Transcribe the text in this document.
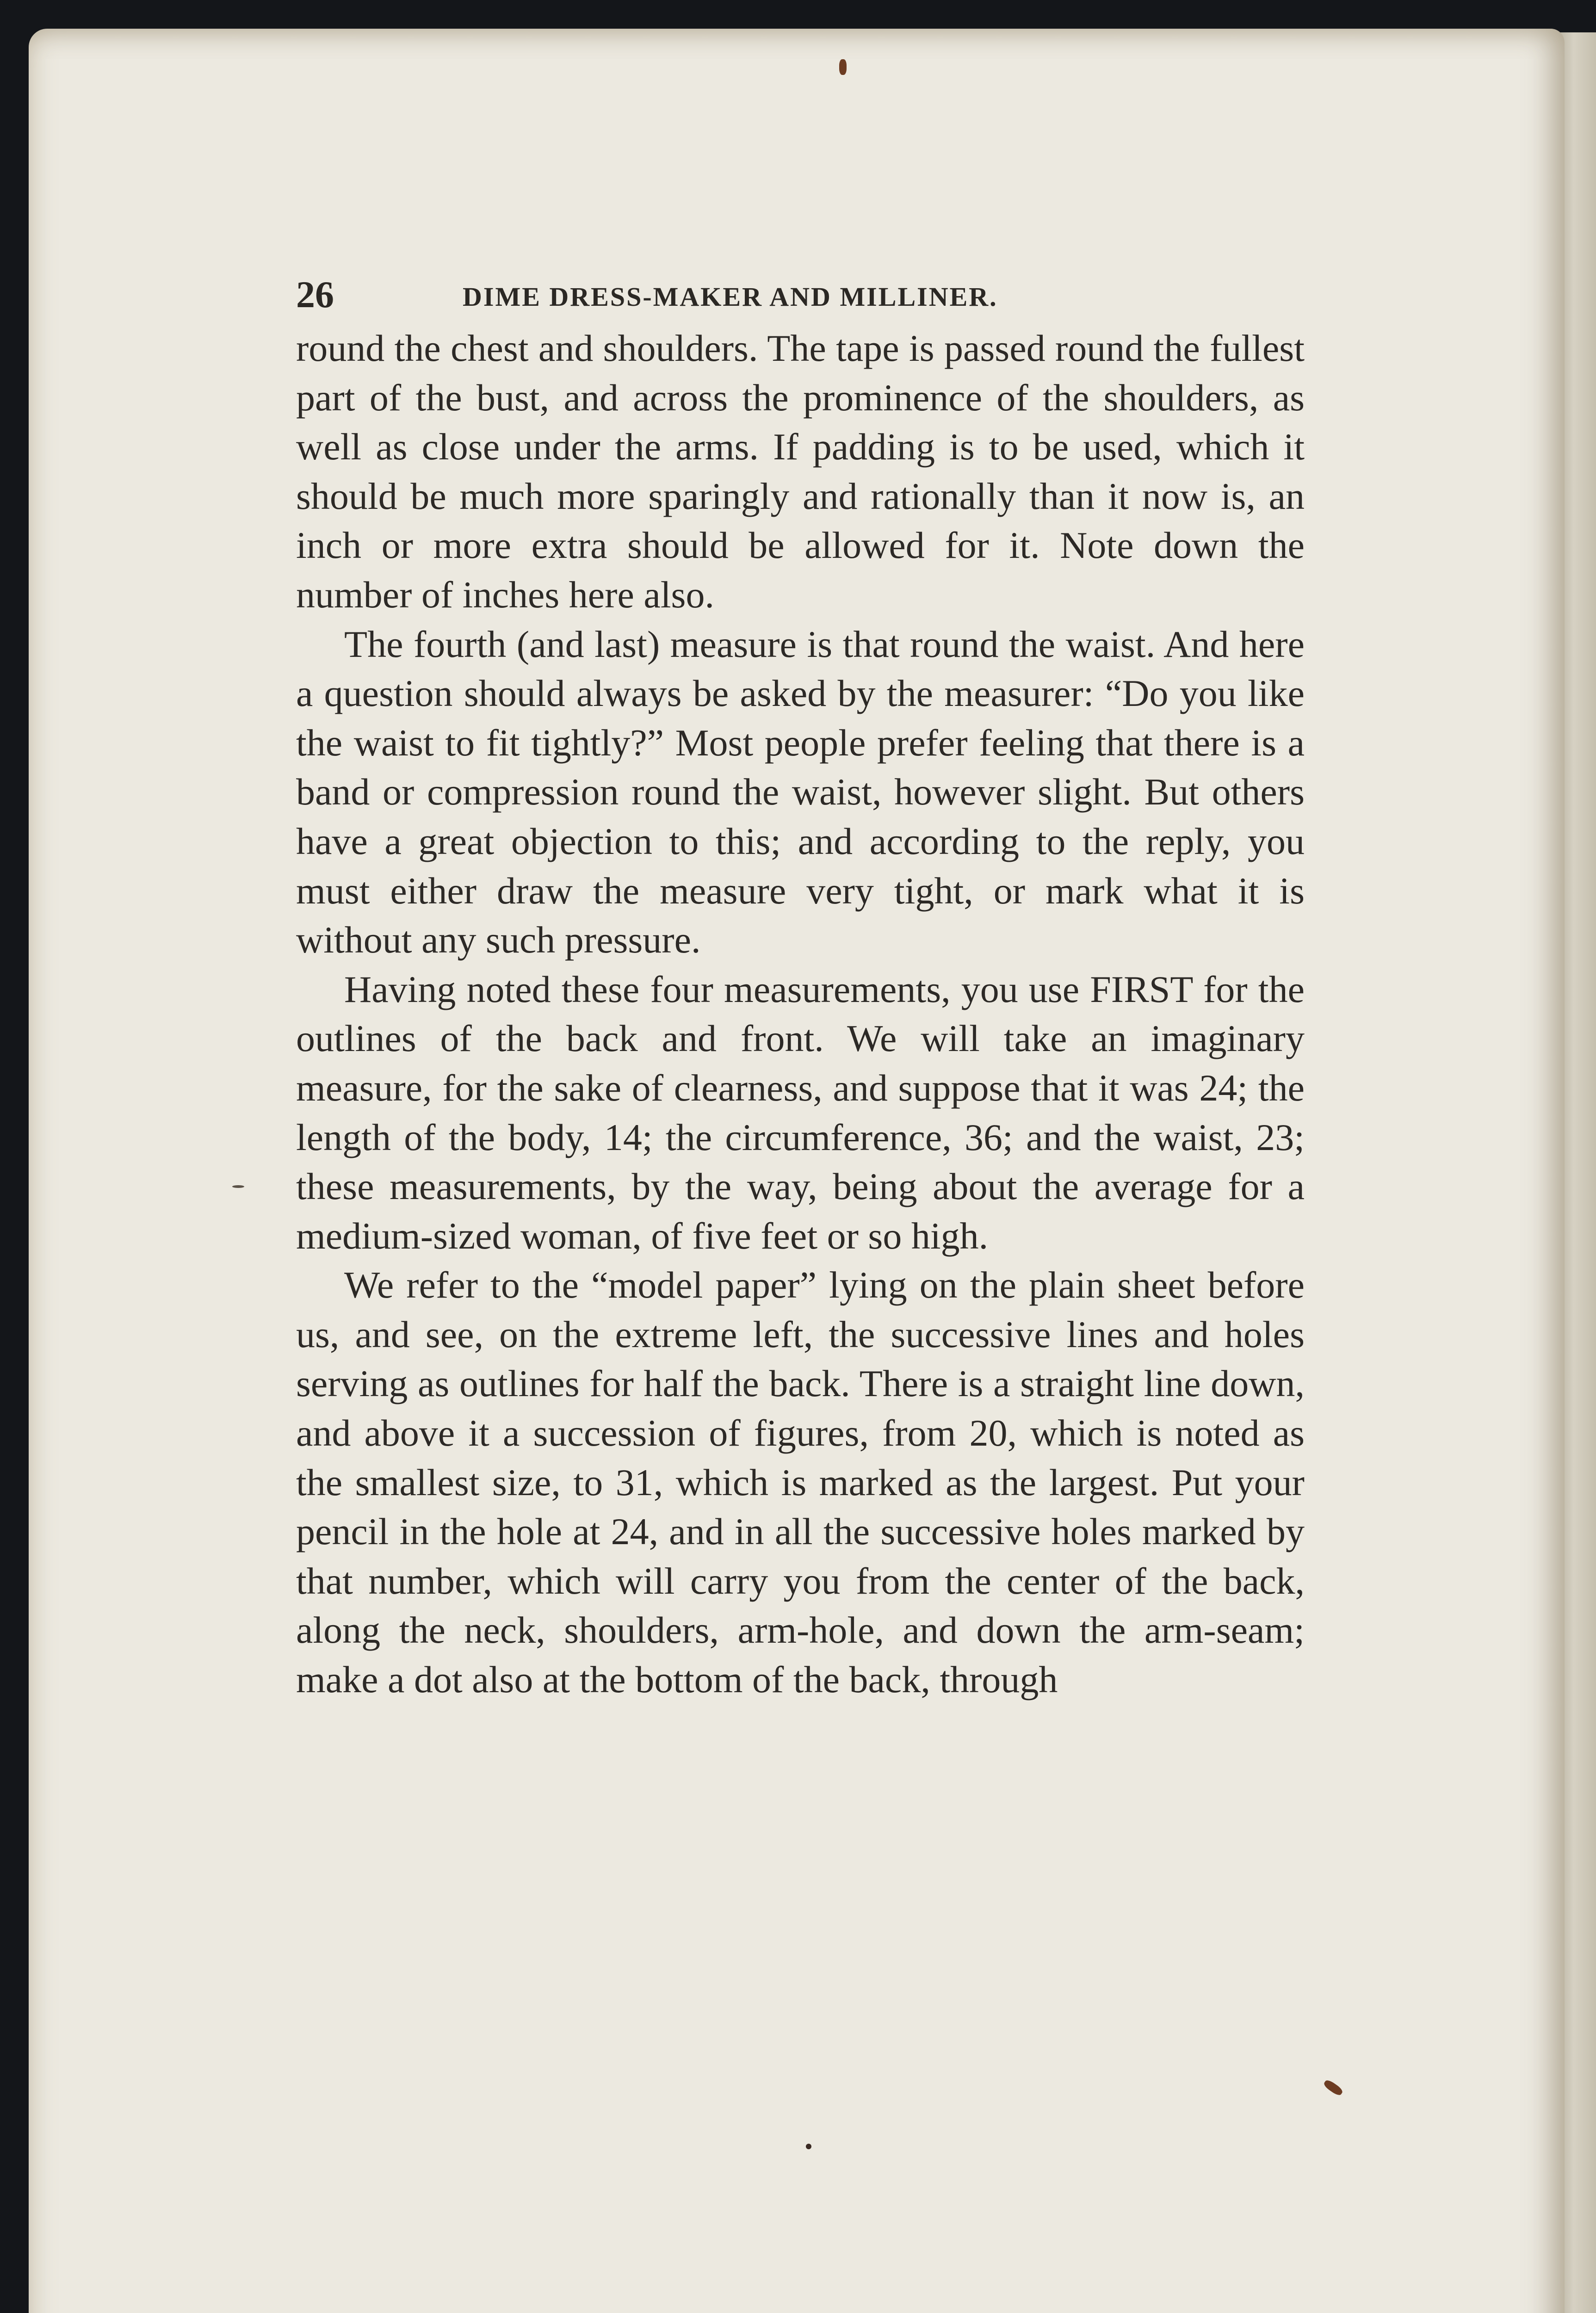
26	DIME DRESS-MAKER AND MILLINER.

round the chest and shoulders. The tape is passed round the fullest part of the bust, and across the prominence of the shoulders, as well as close under the arms. If padding is to be used, which it should be much more sparingly and rationally than it now is, an inch or more extra should be allowed for it. Note down the number of inches here also.

The fourth (and last) measure is that round the waist. And here a question should always be asked by the measurer: “Do you like the waist to fit tightly?” Most people prefer feeling that there is a band or compression round the waist, however slight. But others have a great objection to this; and according to the reply, you must either draw the measure very tight, or mark what it is without any such pressure.

Having noted these four measurements, you use FIRST for the outlines of the back and front. We will take an imaginary measure, for the sake of clearness, and suppose that it was 24; the length of the body, 14; the circumference, 36; and the waist, 23; these measurements, by the way, being about the average for a medium-sized woman, of five feet or so high.

We refer to the “model paper” lying on the plain sheet before us, and see, on the extreme left, the successive lines and holes serving as outlines for half the back. There is a straight line down, and above it a succession of figures, from 20, which is noted as the smallest size, to 31, which is marked as the largest. Put your pencil in the hole at 24, and in all the successive holes marked by that number, which will carry you from the center of the back, along the neck, shoulders, arm-hole, and down the arm-seam; make a dot also at the bottom of the back, through
